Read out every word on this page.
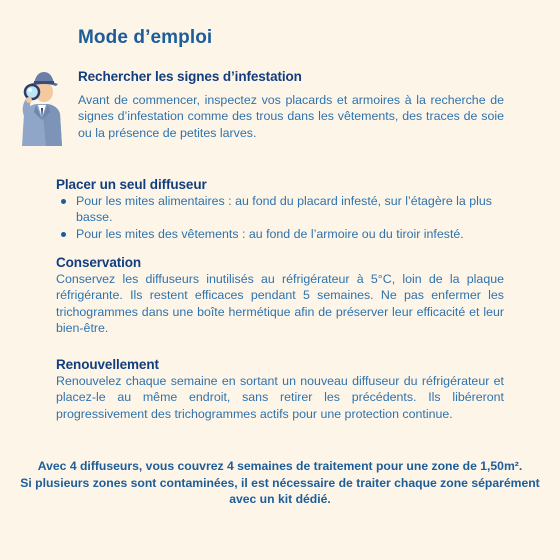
Mode d’emploi
Rechercher les signes d’infestation
Avant de commencer, inspectez vos placards et armoires à la recherche de signes d’infestation comme des trous dans les vêtements, des traces de soie ou la présence de petites larves.
Placer un seul diffuseur
Pour les mites alimentaires : au fond du placard infesté, sur l’étagère la plus basse.
Pour les mites des vêtements : au fond de l’armoire ou du tiroir infesté.
Conservation
Conservez les diffuseurs inutilisés au réfrigérateur à 5°C, loin de la plaque réfrigérante. Ils restent efficaces pendant 5 semaines. Ne pas enfermer les trichogrammes dans une boîte hermétique afin de préserver leur efficacité et leur bien-être.
Renouvellement
Renouvelez chaque semaine en sortant un nouveau diffuseur du réfrigérateur et placez-le au même endroit, sans retirer les précédents. Ils libéreront progressivement des trichogrammes actifs pour une protection continue.
Avec 4 diffuseurs, vous couvrez 4 semaines de traitement pour une zone de 1,50m².
Si plusieurs zones sont contaminées, il est nécessaire de traiter chaque zone séparément avec un kit dédié.
